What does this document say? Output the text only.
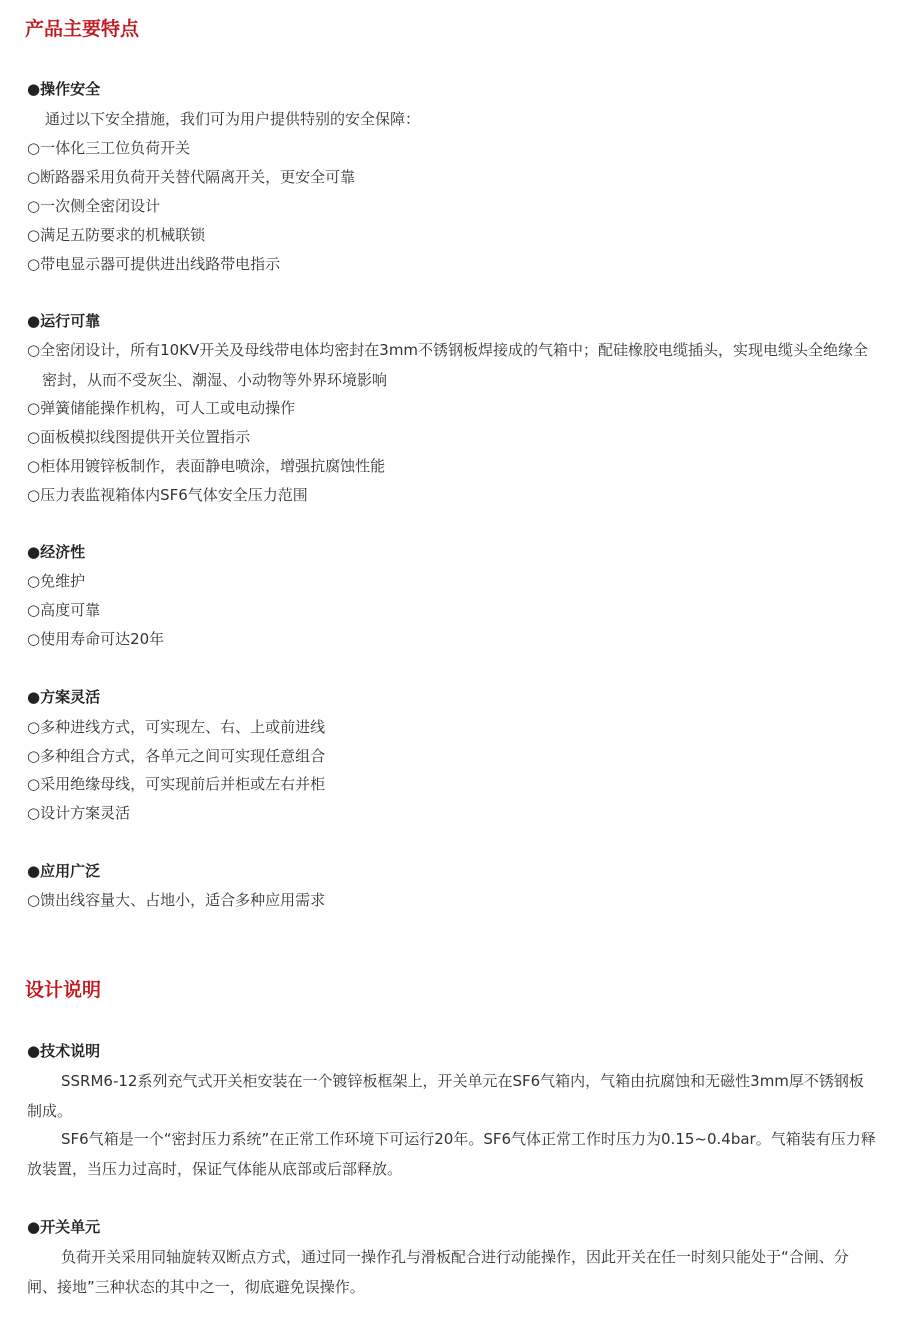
产品主要特点
●操作安全

通过以下安全措施，我们可为用户提供特别的安全保障：

○一体化三工位负荷开关

○断路器采用负荷开关替代隔离开关，更安全可靠

○一次侧全密闭设计

○满足五防要求的机械联锁

○带电显示器可提供进出线路带电指示

●运行可靠

○全密闭设计，所有10KV开关及母线带电体均密封在3mm不锈钢板焊接成的气箱中；配硅橡胶电缆插头，实现电缆头全绝缘全密封，从而不受灰尘、潮湿、小动物等外界环境影响

○弹簧储能操作机构，可人工或电动操作

○面板模拟线图提供开关位置指示

○柜体用镀锌板制作，表面静电喷涂，增强抗腐蚀性能

○压力表监视箱体内SF6气体安全压力范围

●经济性

○免维护

○高度可靠

○使用寿命可达20年

●方案灵活

○多种进线方式，可实现左、右、上或前进线

○多种组合方式，各单元之间可实现任意组合

○采用绝缘母线，可实现前后并柜或左右并柜

○设计方案灵活

●应用广泛

○馈出线容量大、占地小，适合多种应用需求

设计说明
●技术说明

SSRM6-12系列充气式开关柜安装在一个镀锌板框架上，开关单元在SF6气箱内，气箱由抗腐蚀和无磁性3mm厚不锈钢板制成。

SF6气箱是一个“密封压力系统”在正常工作环境下可运行20年。SF6气体正常工作时压力为0.15~0.4bar。气箱装有压力释放装置，当压力过高时，保证气体能从底部或后部释放。

●开关单元

负荷开关采用同轴旋转双断点方式，通过同一操作孔与滑板配合进行动能操作，因此开关在任一时刻只能处于“合闸、分闸、接地”三种状态的其中之一，彻底避免误操作。
